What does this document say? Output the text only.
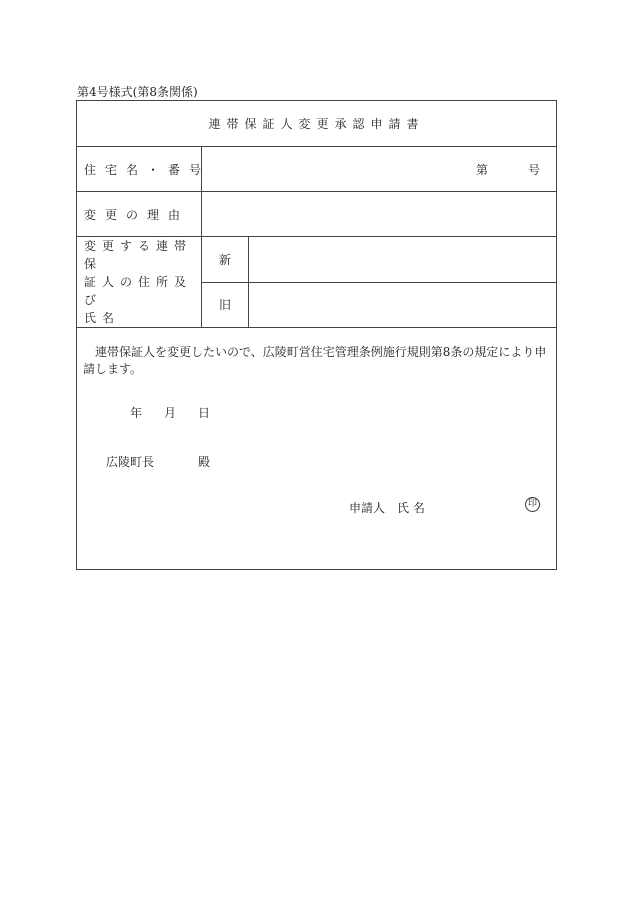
第4号様式(第8条関係)
連帯保証人変更承認申請書		
住宅名・番号	第 号	
変更の理由		

変更する連帯保
証人の住所及び
氏名	新	
	旧	

連帯保証人を変更したいので、広陵町営住宅管理条例施行規則第8条の規定により申請します。
年 月 日
広陵町長 殿
申請人 氏 名 印		
